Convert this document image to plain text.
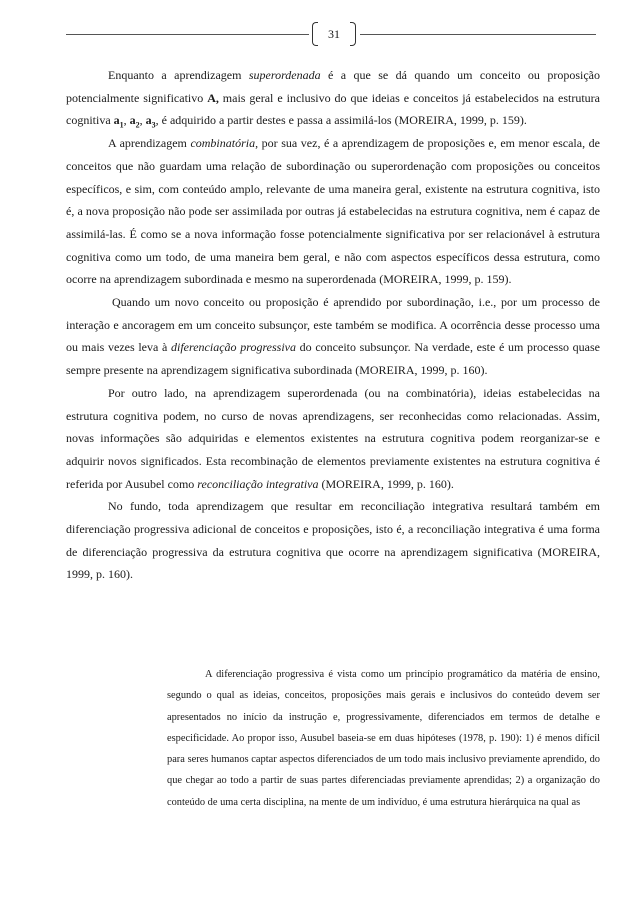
31

Enquanto a aprendizagem superordenada é a que se dá quando um conceito ou proposição potencialmente significativo A, mais geral e inclusivo do que ideias e conceitos já estabelecidos na estrutura cognitiva $a_1$, $a_2$, $a_3$, é adquirido a partir destes e passa a assimilá-los (MOREIRA, 1999, p. 159).

A aprendizagem combinatória, por sua vez, é a aprendizagem de proposições e, em menor escala, de conceitos que não guardam uma relação de subordinação ou superordenação com proposições ou conceitos específicos, e sim, com conteúdo amplo, relevante de uma maneira geral, existente na estrutura cognitiva, isto é, a nova proposição não pode ser assimilada por outras já estabelecidas na estrutura cognitiva, nem é capaz de assimilá-las. É como se a nova informação fosse potencialmente significativa por ser relacionável à estrutura cognitiva como um todo, de uma maneira bem geral, e não com aspectos específicos dessa estrutura, como ocorre na aprendizagem subordinada e mesmo na superordenada (MOREIRA, 1999, p. 159).

Quando um novo conceito ou proposição é aprendido por subordinação, i.e., por um processo de interação e ancoragem em um conceito subsunçor, este também se modifica. A ocorrência desse processo uma ou mais vezes leva à diferenciação progressiva do conceito subsunçor. Na verdade, este é um processo quase sempre presente na aprendizagem significativa subordinada (MOREIRA, 1999, p. 160).

Por outro lado, na aprendizagem superordenada (ou na combinatória), ideias estabelecidas na estrutura cognitiva podem, no curso de novas aprendizagens, ser reconhecidas como relacionadas. Assim, novas informações são adquiridas e elementos existentes na estrutura cognitiva podem reorganizar-se e adquirir novos significados. Esta recombinação de elementos previamente existentes na estrutura cognitiva é referida por Ausubel como reconciliação integrativa (MOREIRA, 1999, p. 160).

No fundo, toda aprendizagem que resultar em reconciliação integrativa resultará também em diferenciação progressiva adicional de conceitos e proposições, isto é, a reconciliação integrativa é uma forma de diferenciação progressiva da estrutura cognitiva que ocorre na aprendizagem significativa (MOREIRA, 1999, p. 160).

A diferenciação progressiva é vista como um princípio programático da matéria de ensino, segundo o qual as ideias, conceitos, proposições mais gerais e inclusivos do conteúdo devem ser apresentados no início da instrução e, progressivamente, diferenciados em termos de detalhe e especificidade. Ao propor isso, Ausubel baseia-se em duas hipóteses (1978, p. 190): 1) é menos difícil para seres humanos captar aspectos diferenciados de um todo mais inclusivo previamente aprendido, do que chegar ao todo a partir de suas partes diferenciadas previamente aprendidas; 2) a organização do conteúdo de uma certa disciplina, na mente de um indivíduo, é uma estrutura hierárquica na qual as
